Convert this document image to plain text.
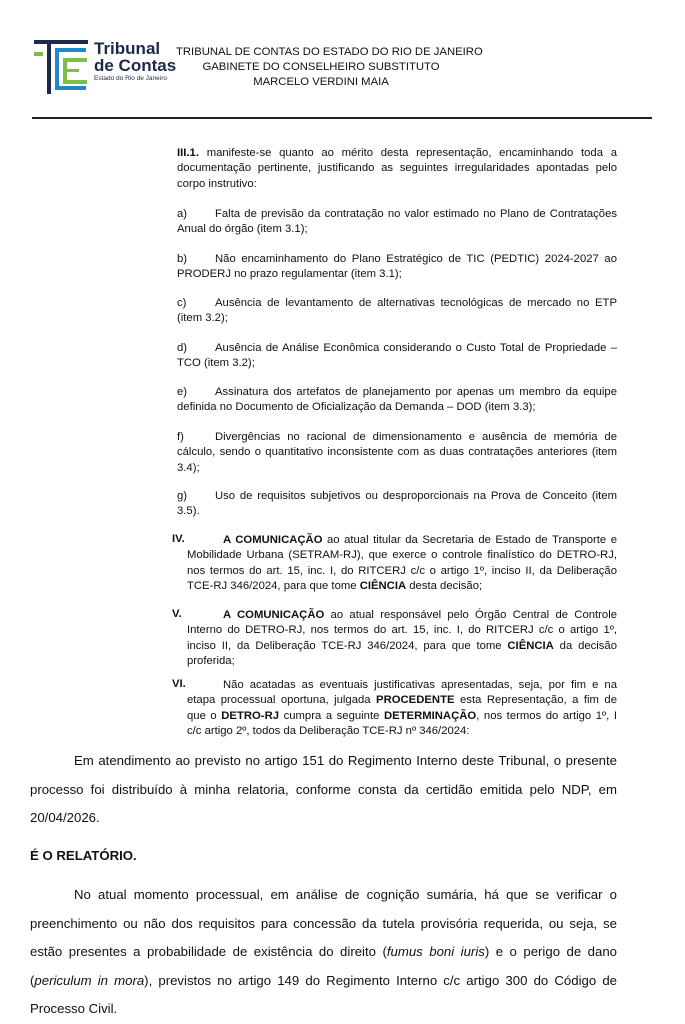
Tribunal
de Contas
Estado do Rio de Janeiro
TRIBUNAL DE CONTAS DO ESTADO DO RIO DE JANEIRO
GABINETE DO CONSELHEIRO SUBSTITUTO
MARCELO VERDINI MAIA
III.1. manifeste-se quanto ao mérito desta representação, encaminhando toda a documentação pertinente, justificando as seguintes irregularidades apontadas pelo corpo instrutivo:
a) Falta de previsão da contratação no valor estimado no Plano de Contratações Anual do órgão (item 3.1);
b) Não encaminhamento do Plano Estratégico de TIC (PEDTIC) 2024-2027 ao PRODERJ no prazo regulamentar (item 3.1);
c)	Ausência de levantamento de alternativas tecnológicas de mercado no ETP (item 3.2);
d) Ausência de Análise Econômica considerando o Custo Total de Propriedade – TCO (item 3.2);
e) Assinatura dos artefatos de planejamento por apenas um membro da equipe definida no Documento de Oficialização da Demanda – DOD (item 3.3);
f)	Divergências no racional de dimensionamento e ausência de memória de cálculo, sendo o quantitativo inconsistente com as duas contratações anteriores (item 3.4);
g) Uso de requisitos subjetivos ou desproporcionais na Prova de Conceito (item 3.5).
IV.	A COMUNICAÇÃO ao atual titular da Secretaria de Estado de Transporte e Mobilidade Urbana (SETRAM-RJ), que exerce o controle finalístico do DETRO-RJ, nos termos do art. 15, inc. I, do RITCERJ c/c o artigo 1º, inciso II, da Deliberação TCE-RJ 346/2024, para que tome CIÊNCIA desta decisão;
V.	A COMUNICAÇÃO ao atual responsável pelo Órgão Central de Controle Interno do DETRO-RJ, nos termos do art. 15, inc. I, do RITCERJ c/c o artigo 1º, inciso II, da Deliberação TCE-RJ 346/2024, para que tome CIÊNCIA da decisão proferida;
VI.	Não acatadas as eventuais justificativas apresentadas, seja, por fim e na etapa processual oportuna, julgada PROCEDENTE esta Representação, a fim de que o DETRO-RJ cumpra a seguinte DETERMINAÇÃO, nos termos do artigo 1º, I c/c artigo 2º, todos da Deliberação TCE-RJ nº 346/2024:
Em atendimento ao previsto no artigo 151 do Regimento Interno deste Tribunal, o presente processo foi distribuído à minha relatoria, conforme consta da certidão emitida pelo NDP, em 20/04/2026.
É O RELATÓRIO.
No atual momento processual, em análise de cognição sumária, há que se verificar o preenchimento ou não dos requisitos para concessão da tutela provisória requerida, ou seja, se estão presentes a probabilidade de existência do direito (fumus boni iuris) e o perigo de dano (periculum in mora), previstos no artigo 149 do Regimento Interno c/c artigo 300 do Código de Processo Civil.
